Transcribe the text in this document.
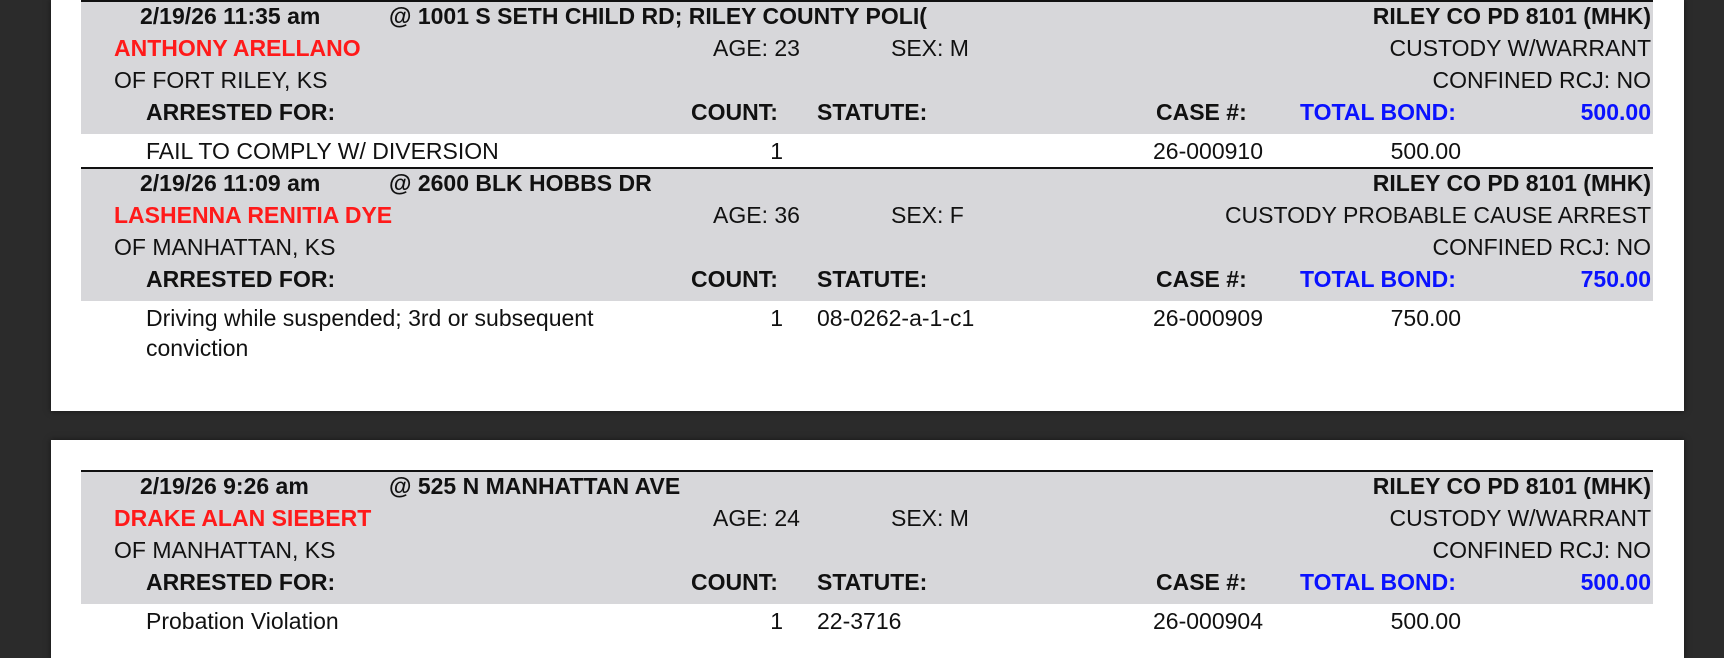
2/19/26 11:35 am	@ 1001 S SETH CHILD RD; RILEY COUNTY POLI(	RILEY CO PD 8101 (MHK)
ANTHONY ARELLANO	AGE: 23	SEX: M	CUSTODY W/WARRANT
OF FORT RILEY, KS	CONFINED RCJ: NO
ARRESTED FOR:	COUNT: STATUTE:	CASE #: TOTAL BOND:	500.00
FAIL TO COMPLY W/ DIVERSION	1	26-000910	500.00
2/19/26 11:09 am	@ 2600 BLK HOBBS DR	RILEY CO PD 8101 (MHK)
LASHENNA RENITIA DYE	AGE: 36	SEX: F	CUSTODY PROBABLE CAUSE ARREST
OF MANHATTAN, KS	CONFINED RCJ: NO
ARRESTED FOR:	COUNT: STATUTE:	CASE #: TOTAL BOND:	750.00
Driving while suspended; 3rd or subsequent
conviction
1 08-0262-a-1-c1	26-000909	750.00
2/19/26 9:26 am	@ 525 N MANHATTAN AVE	RILEY CO PD 8101 (MHK)
DRAKE ALAN SIEBERT	AGE: 24	SEX: M	CUSTODY W/WARRANT
OF MANHATTAN, KS	CONFINED RCJ: NO
ARRESTED FOR:	COUNT: STATUTE:	CASE #: TOTAL BOND:	500.00
Probation Violation	1 22-3716	26-000904	500.00
